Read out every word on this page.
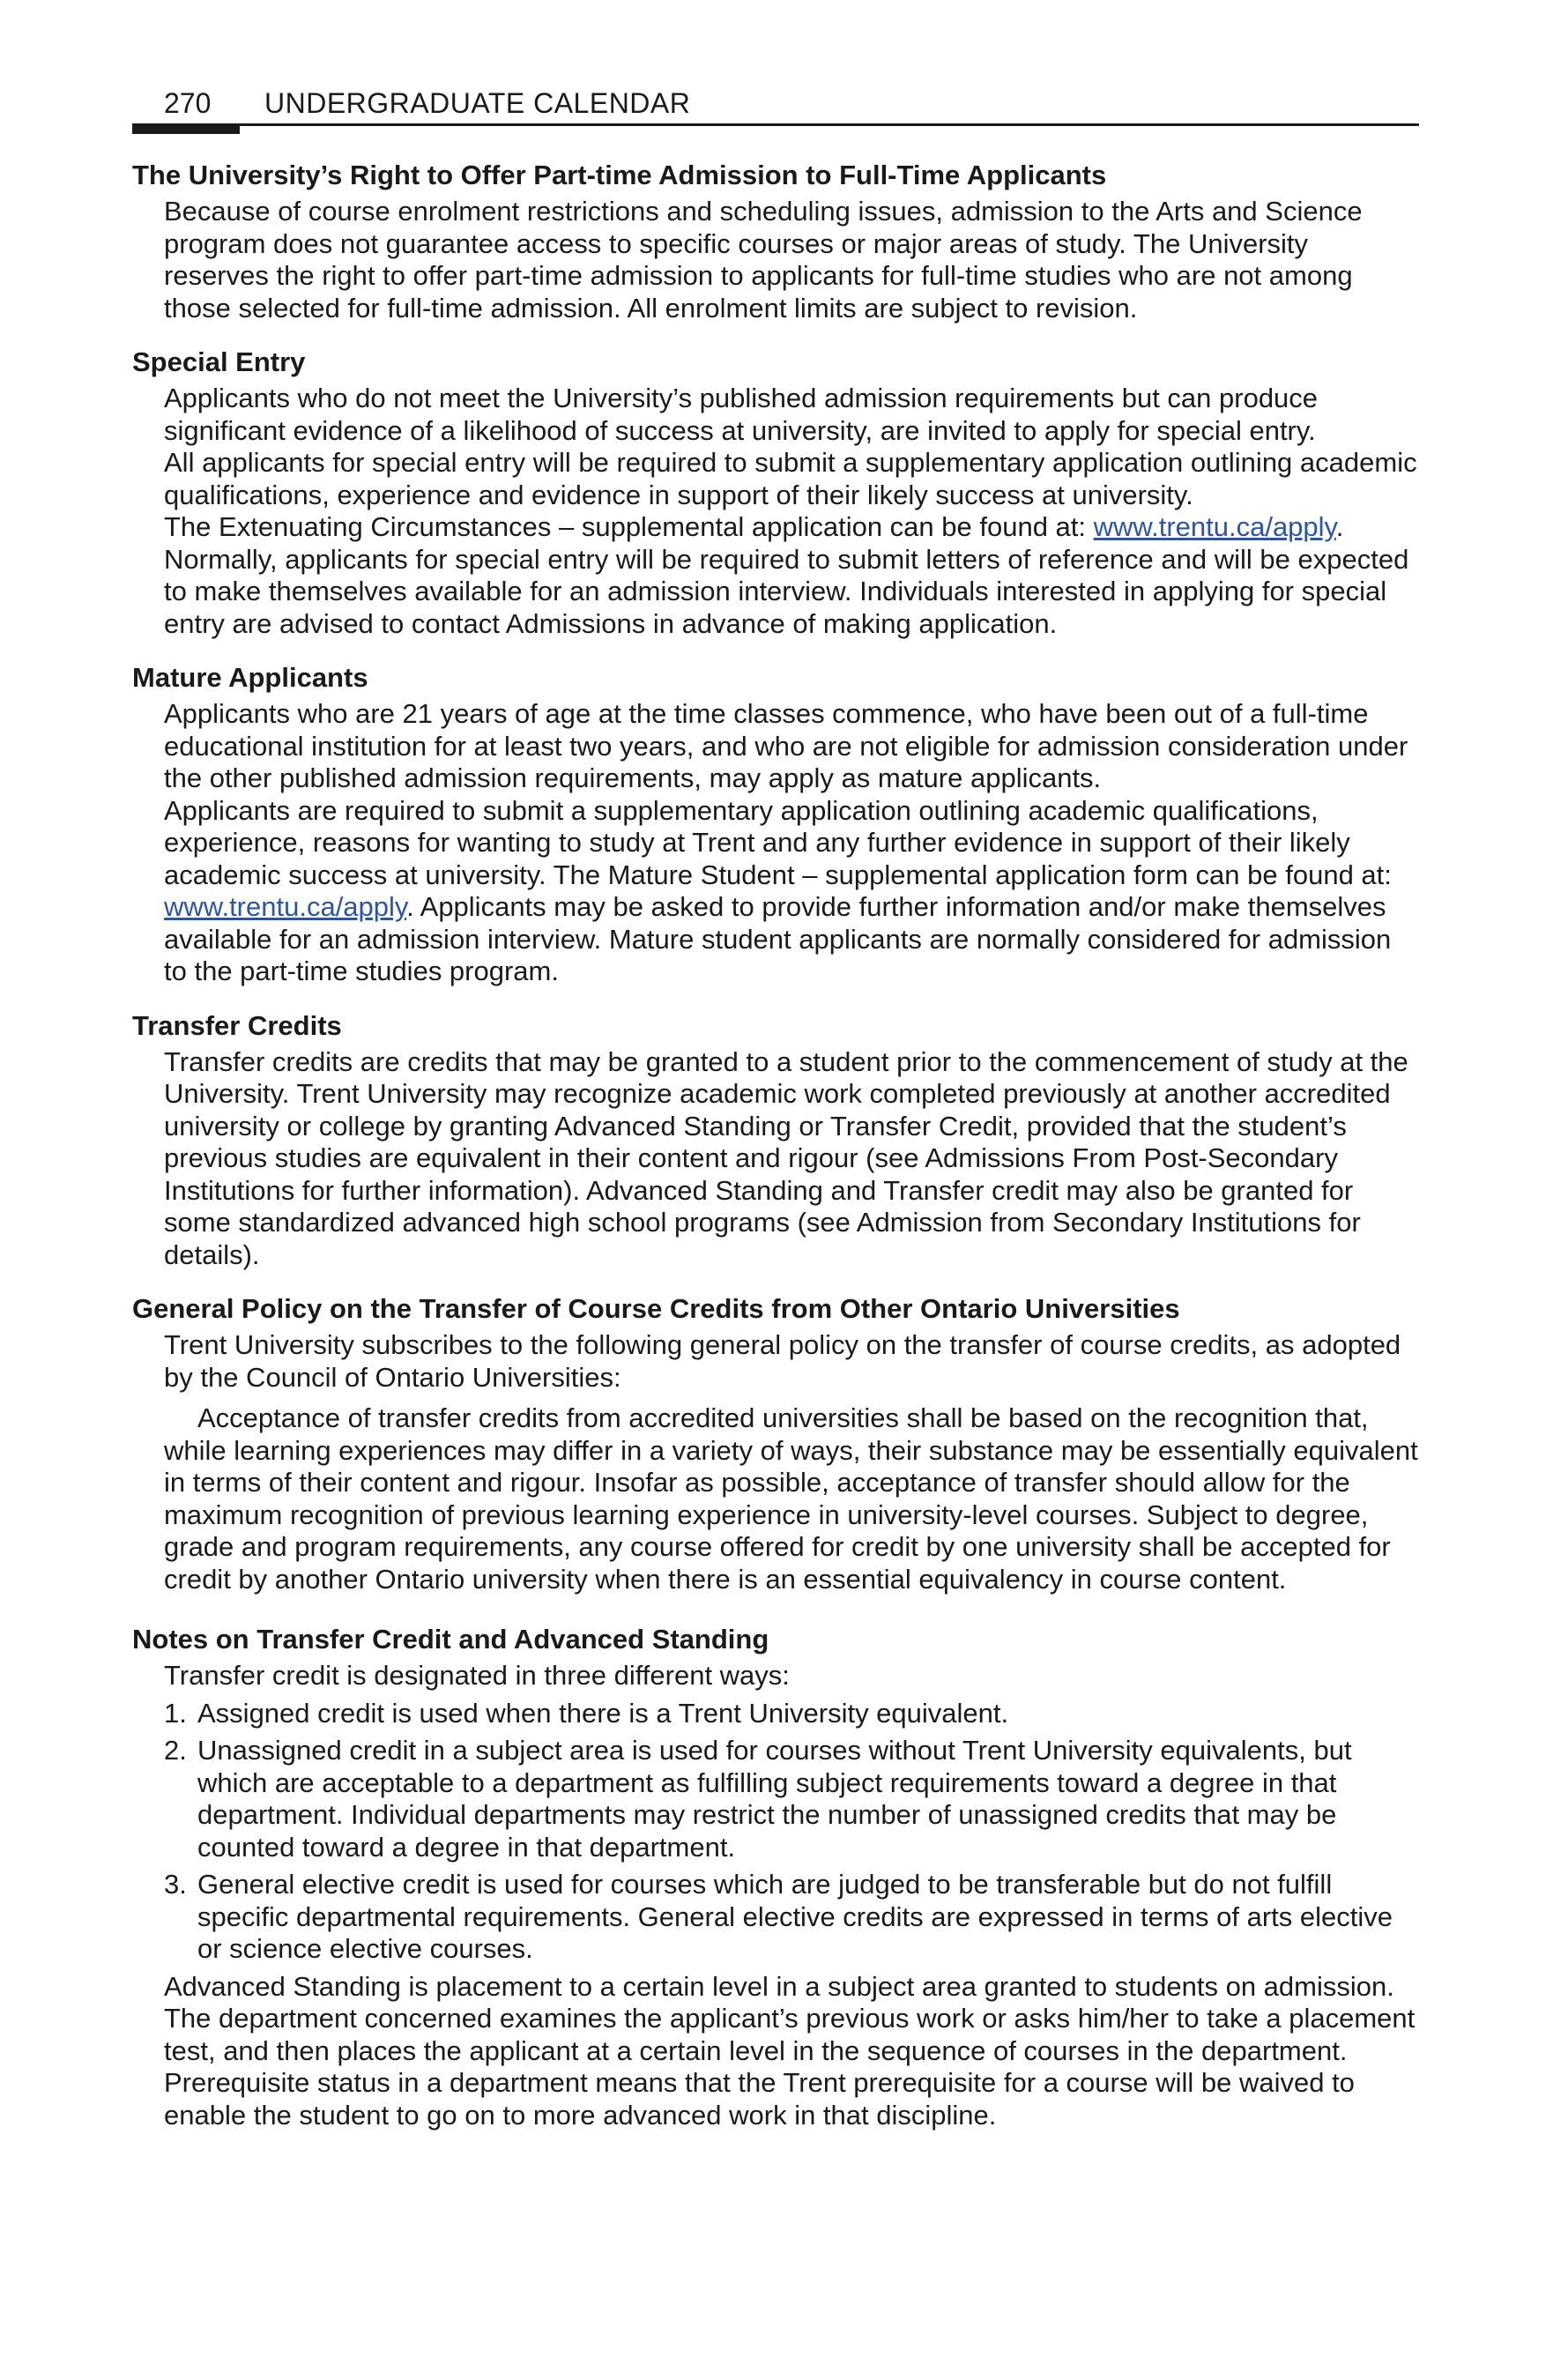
270 UNDERGRADUATE CALENDAR

The University’s Right to Offer Part-time Admission to Full-Time Applicants

Because of course enrolment restrictions and scheduling issues, admission to the Arts and Science program does not guarantee access to specific courses or major areas of study. The University reserves the right to offer part-time admission to applicants for full-time studies who are not among those selected for full-time admission. All enrolment limits are subject to revision.

Special Entry

Applicants who do not meet the University’s published admission requirements but can produce significant evidence of a likelihood of success at university, are invited to apply for special entry.

All applicants for special entry will be required to submit a supplementary application outlining academic qualifications, experience and evidence in support of their likely success at university.

The Extenuating Circumstances – supplemental application can be found at: www.trentu.ca/apply.

Normally, applicants for special entry will be required to submit letters of reference and will be expected to make themselves available for an admission interview. Individuals interested in applying for special entry are advised to contact Admissions in advance of making application.

Mature Applicants

Applicants who are 21 years of age at the time classes commence, who have been out of a full-time educational institution for at least two years, and who are not eligible for admission consideration under the other published admission requirements, may apply as mature applicants.

Applicants are required to submit a supplementary application outlining academic qualifications, experience, reasons for wanting to study at Trent and any further evidence in support of their likely academic success at university. The Mature Student – supplemental application form can be found at: www.trentu.ca/apply. Applicants may be asked to provide further information and/or make themselves available for an admission interview. Mature student applicants are normally considered for admission to the part-time studies program.

Transfer Credits

Transfer credits are credits that may be granted to a student prior to the commencement of study at the University. Trent University may recognize academic work completed previously at another accredited university or college by granting Advanced Standing or Transfer Credit, provided that the student’s previous studies are equivalent in their content and rigour (see Admissions From Post-Secondary Institutions for further information). Advanced Standing and Transfer credit may also be granted for some standardized advanced high school programs (see Admission from Secondary Institutions for details).

General Policy on the Transfer of Course Credits from Other Ontario Universities

Trent University subscribes to the following general policy on the transfer of course credits, as adopted by the Council of Ontario Universities:

Acceptance of transfer credits from accredited universities shall be based on the recognition that, while learning experiences may differ in a variety of ways, their substance may be essentially equivalent in terms of their content and rigour. Insofar as possible, acceptance of transfer should allow for the maximum recognition of previous learning experience in university-level courses. Subject to degree, grade and program requirements, any course offered for credit by one university shall be accepted for credit by another Ontario university when there is an essential equivalency in course content.

Notes on Transfer Credit and Advanced Standing

Transfer credit is designated in three different ways:

1. Assigned credit is used when there is a Trent University equivalent.
2. Unassigned credit in a subject area is used for courses without Trent University equivalents, but which are acceptable to a department as fulfilling subject requirements toward a degree in that department. Individual departments may restrict the number of unassigned credits that may be counted toward a degree in that department.
3. General elective credit is used for courses which are judged to be transferable but do not fulfill specific departmental requirements. General elective credits are expressed in terms of arts elective or science elective courses.

Advanced Standing is placement to a certain level in a subject area granted to students on admission. The department concerned examines the applicant’s previous work or asks him/her to take a placement test, and then places the applicant at a certain level in the sequence of courses in the department. Prerequisite status in a department means that the Trent prerequisite for a course will be waived to enable the student to go on to more advanced work in that discipline.
